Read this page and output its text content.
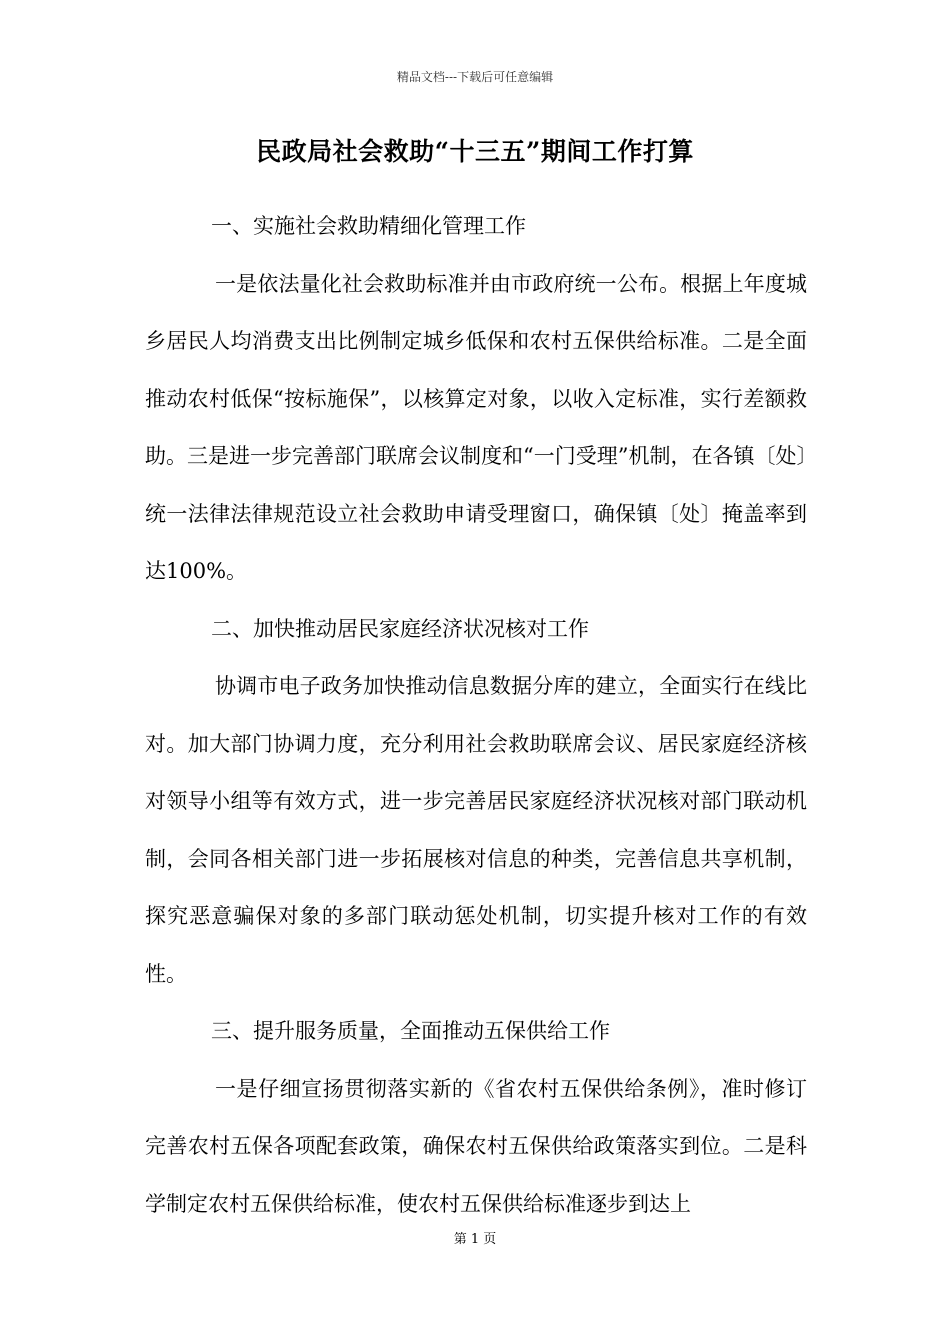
精品文档---下载后可任意编辑
民政局社会救助“十三五”期间工作打算

一、实施社会救助精细化管理工作

一是依法量化社会救助标准并由市政府统一公布。根据上年度城乡居民人均消费支出比例制定城乡低保和农村五保供给标准。二是全面推动农村低保“按标施保”，以核算定对象，以收入定标准，实行差额救助。三是进一步完善部门联席会议制度和“一门受理”机制，在各镇〔处〕统一法律法律规范设立社会救助申请受理窗口，确保镇〔处〕掩盖率到达100%。

二、加快推动居民家庭经济状况核对工作

协调市电子政务加快推动信息数据分库的建立，全面实行在线比对。加大部门协调力度，充分利用社会救助联席会议、居民家庭经济核对领导小组等有效方式，进一步完善居民家庭经济状况核对部门联动机制，会同各相关部门进一步拓展核对信息的种类，完善信息共享机制，探究恶意骗保对象的多部门联动惩处机制，切实提升核对工作的有效性。

三、提升服务质量，全面推动五保供给工作

一是仔细宣扬贯彻落实新的《省农村五保供给条例》，准时修订完善农村五保各项配套政策，确保农村五保供给政策落实到位。二是科学制定农村五保供给标准，使农村五保供给标准逐步到达上

第 1 页
